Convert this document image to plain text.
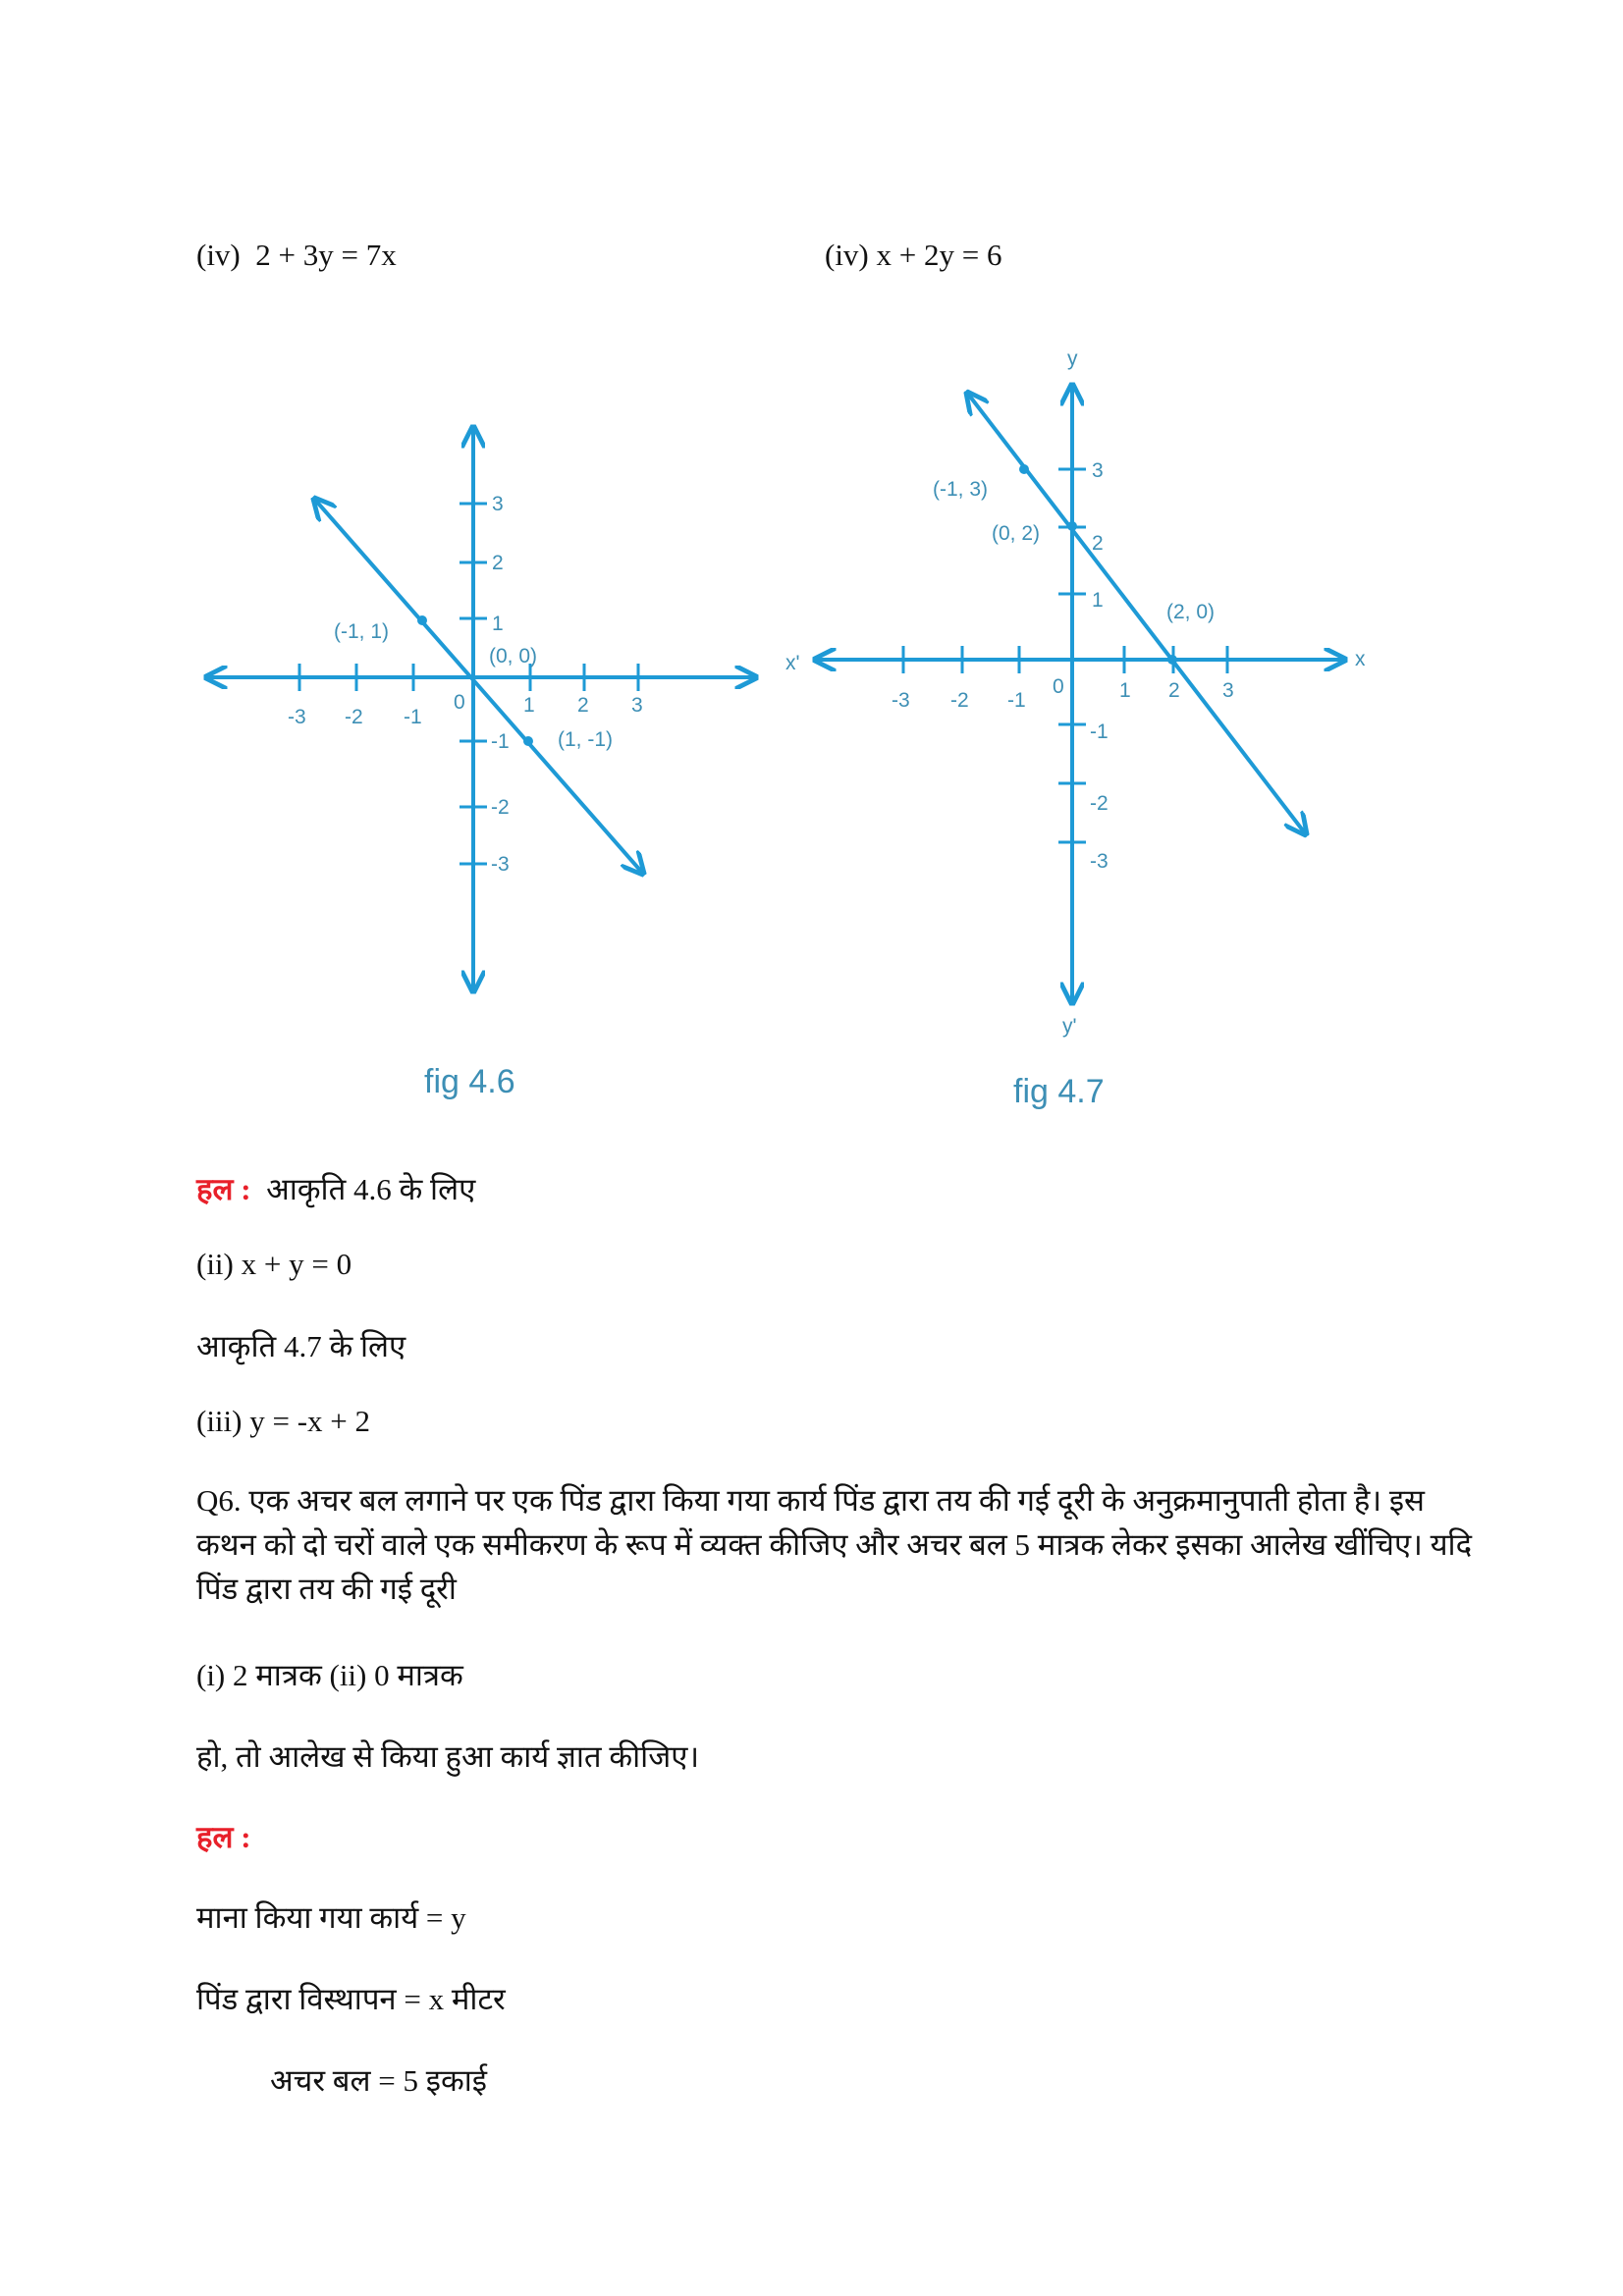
(iv) 2 + 3y = 7x	(iv) x + 2y = 6
-3 -2 -1
1 2 3
3
2
1
-1
-2
-3
0
(-1, 1)
(0, 0)
(1, -1)
fig 4.6
-3 -2 -1	1 2 3
3
2
1
-1
-2
-3
0
x'	x
y
y'
(-1, 3)
(0, 2)
(2, 0)
fig 4.7
हल : आकृति 4.6 के लिए
(ii) x + y = 0
आकृति 4.7 के लिए
(iii) y = -x + 2
Q6. एक अचर बल लगाने पर एक पिंड द्वारा किया गया कार्य पिंड द्वारा तय की गई दूरी के अनुक्रमानुपाती होता है। इस कथन को दो चरों वाले एक समीकरण के रूप में व्यक्त कीजिए और अचर बल 5 मात्रक लेकर इसका आलेख खींचिए। यदि पिंड द्वारा तय की गई दूरी
(i) 2 मात्रक (ii) 0 मात्रक
हो, तो आलेख से किया हुआ कार्य ज्ञात कीजिए।
हल :
माना किया गया कार्य = y
पिंड द्वारा विस्थापन = x मीटर
अचर बल = 5 इकाई
